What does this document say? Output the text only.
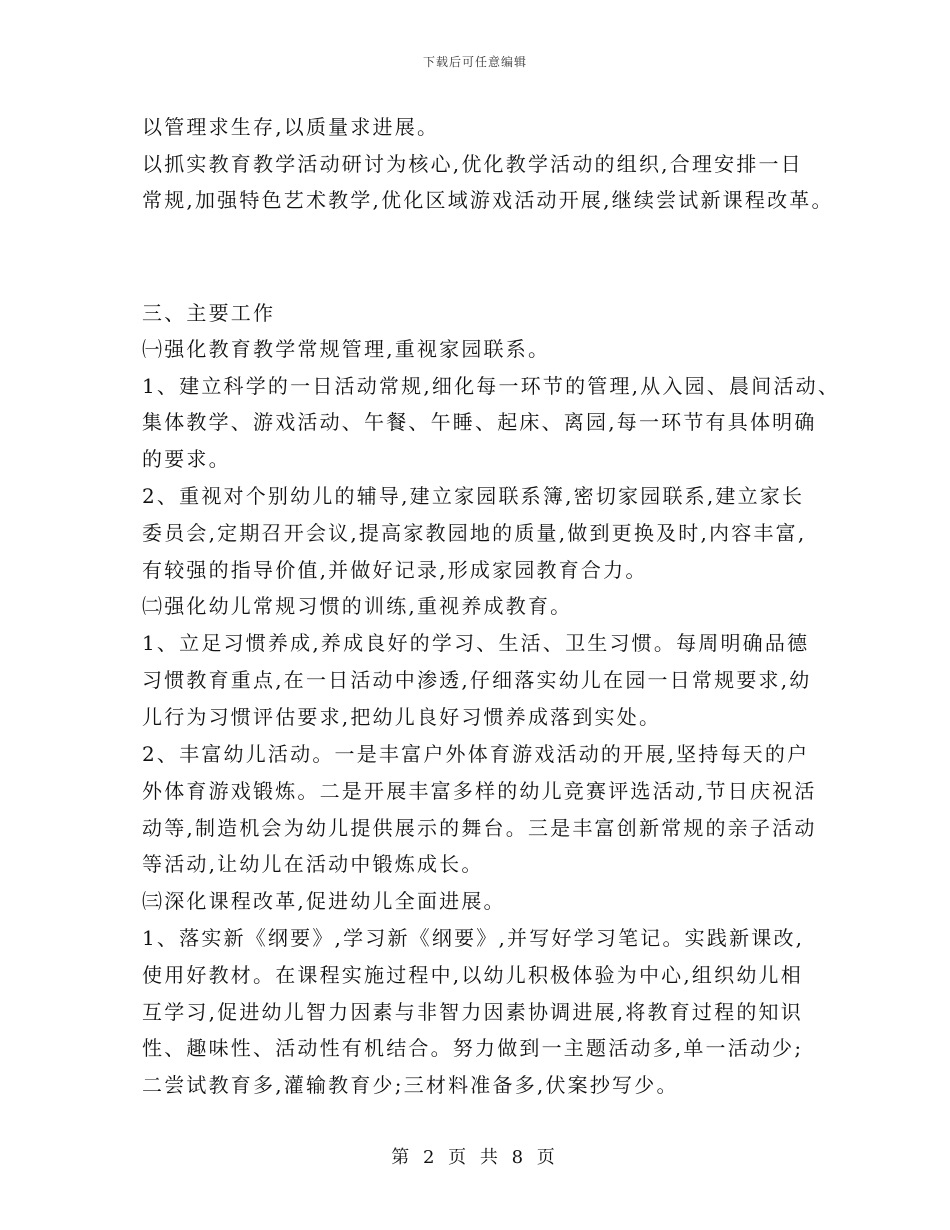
下载后可任意编辑
以管理求生存,以质量求进展。
以抓实教育教学活动研讨为核心,优化教学活动的组织,合理安排一日
常规,加强特色艺术教学,优化区域游戏活动开展,继续尝试新课程改革。
三、主要工作
㈠强化教育教学常规管理,重视家园联系。
1、建立科学的一日活动常规,细化每一环节的管理,从入园、晨间活动、
集体教学、游戏活动、午餐、午睡、起床、离园,每一环节有具体明确
的要求。
2、重视对个别幼儿的辅导,建立家园联系簿,密切家园联系,建立家长
委员会,定期召开会议,提高家教园地的质量,做到更换及时,内容丰富,
有较强的指导价值,并做好记录,形成家园教育合力。
㈡强化幼儿常规习惯的训练,重视养成教育。
1、立足习惯养成,养成良好的学习、生活、卫生习惯。每周明确品德
习惯教育重点,在一日活动中渗透,仔细落实幼儿在园一日常规要求,幼
儿行为习惯评估要求,把幼儿良好习惯养成落到实处。
2、丰富幼儿活动。一是丰富户外体育游戏活动的开展,坚持每天的户
外体育游戏锻炼。二是开展丰富多样的幼儿竞赛评选活动,节日庆祝活
动等,制造机会为幼儿提供展示的舞台。三是丰富创新常规的亲子活动
等活动,让幼儿在活动中锻炼成长。
㈢深化课程改革,促进幼儿全面进展。
1、落实新《纲要》,学习新《纲要》,并写好学习笔记。实践新课改,
使用好教材。在课程实施过程中,以幼儿积极体验为中心,组织幼儿相
互学习,促进幼儿智力因素与非智力因素协调进展,将教育过程的知识
性、趣味性、活动性有机结合。努力做到一主题活动多,单一活动少;
二尝试教育多,灌输教育少;三材料准备多,伏案抄写少。
第 2 页 共 8 页
